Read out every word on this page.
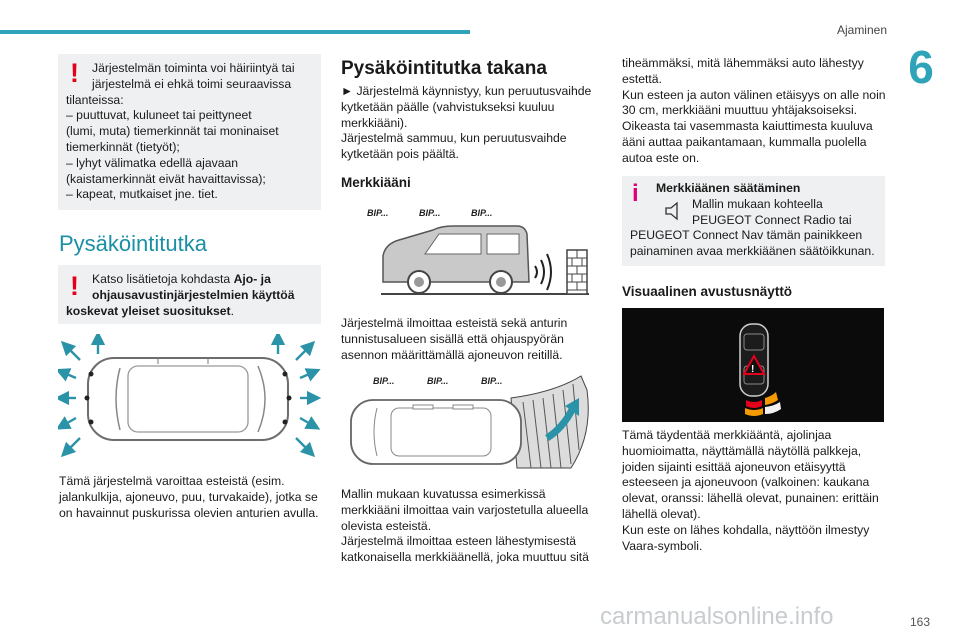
Ajaminen
6
!	Järjestelmän toiminta voi häiriintyä tai

järjestelmä ei ehkä toimi seuraavissa

tilanteissa:

– puuttuvat, kuluneet tai peittyneet

(lumi, muta) tiemerkinnät tai moninaiset

tiemerkinnät (tietyöt);

– lyhyt välimatka edellä ajavaan

(kaistamerkinnät eivät havaittavissa);

– kapeat, mutkaiset jne. tiet.

Pysäköintitutka
!	Katso lisätietoja kohdasta Ajo- ja

ohjausavustinjärjestelmien käyttöä

koskevat yleiset suositukset.

Tämä järjestelmä varoittaa esteistä (esim.

jalankulkija, ajoneuvo, puu, turvakaide), jotka se

on havainnut puskurissa olevien anturien avulla.

Pysäköintitutka takana

► Järjestelmä käynnistyy, kun peruutusvaihde

kytketään päälle (vahvistukseksi kuuluu

merkkiääni).

Järjestelmä sammuu, kun peruutusvaihde

kytketään pois päältä.

Merkkiääni
BIP...	BIP...	BIP...

Järjestelmä ilmoittaa esteistä sekä anturin

tunnistusalueen sisällä että ohjauspyörän

asennon määrittämällä ajoneuvon reitillä.

BIP...	BIP...	BIP...

Mallin mukaan kuvatussa esimerkissä

merkkiääni ilmoittaa vain varjostetulla alueella

olevista esteistä.

Järjestelmä ilmoittaa esteen lähestymisestä

katkonaisella merkkiäänellä, joka muuttuu sitä

tiheämmäksi, mitä lähemmäksi auto lähestyy

estettä.

Kun esteen ja auton välinen etäisyys on alle noin

30 cm, merkkiääni muuttuu yhtäjaksoiseksi.

Oikeasta tai vasemmasta kaiuttimesta kuuluva

ääni auttaa paikantamaan, kummalla puolella

autoa este on.

i	Merkkiäänen säätäminen

Mallin mukaan kohteella

PEUGEOT Connect Radio tai

PEUGEOT Connect Nav tämän painikkeen

painaminen avaa merkkiäänen säätöikkunan.

Visuaalinen avustusnäyttö
!

Tämä täydentää merkkiääntä, ajolinjaa

huomioimatta, näyttämällä näytöllä palkkeja,

joiden sijainti esittää ajoneuvon etäisyyttä

esteeseen ja ajoneuvoon (valkoinen: kaukana

olevat, oranssi: lähellä olevat, punainen: erittäin

lähellä olevat).

Kun este on lähes kohdalla, näyttöön ilmestyy

Vaara-symboli.

carmanualsonline.info	163
